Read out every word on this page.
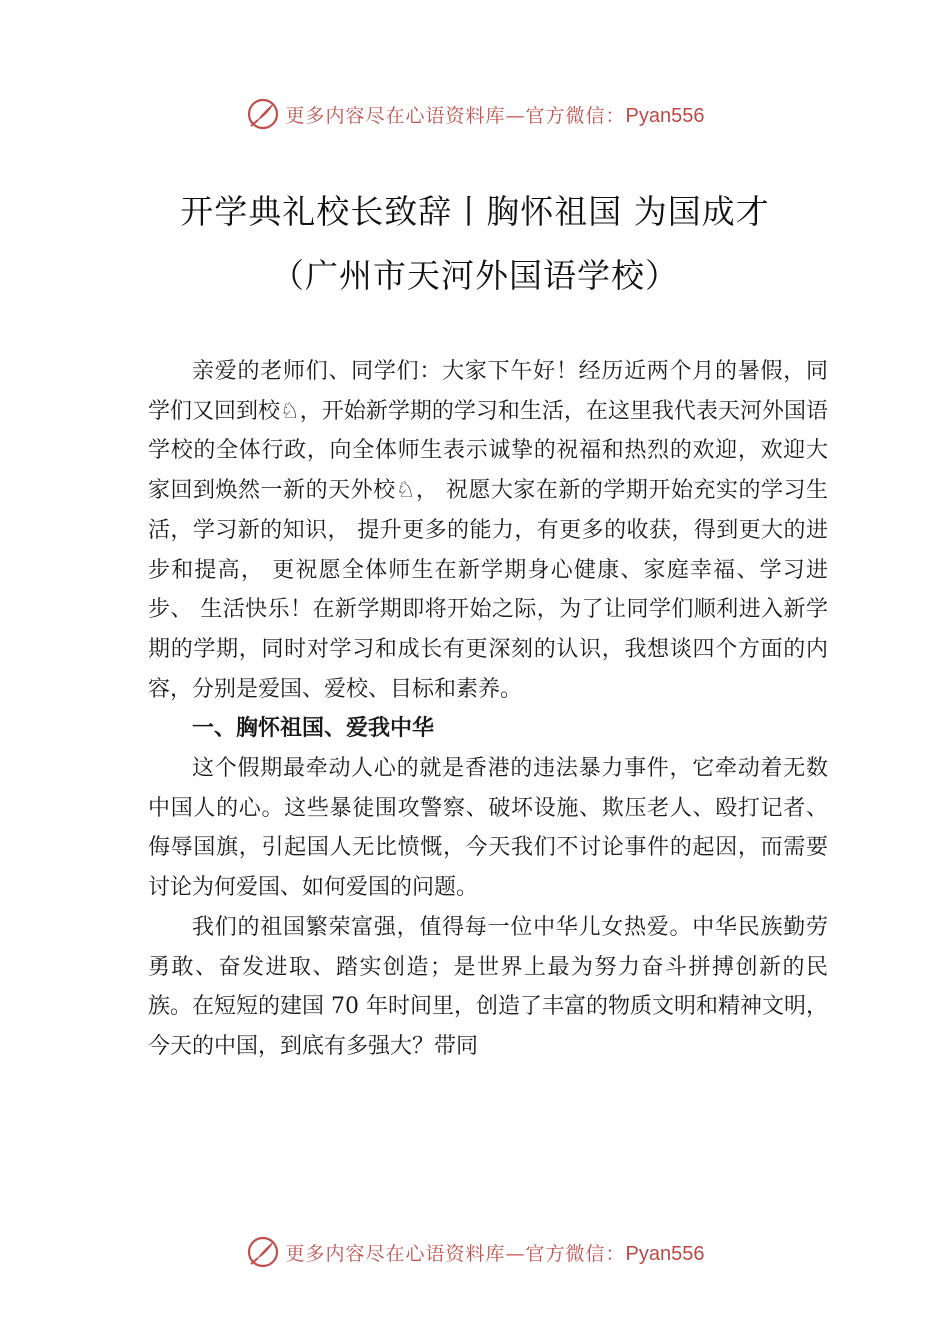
更多内容尽在心语资料库—官方微信：Pyan556
开学典礼校长致辞丨胸怀祖国 为国成才
（广州市天河外国语学校）

亲爱的老师们、同学们：大家下午好！经历近两个月的暑假，同学们又回到校♘，开始新学期的学习和生活，在这里我代表天河外国语学校的全体行政，向全体师生表示诚挚的祝福和热烈的欢迎，欢迎大家回到焕然一新的天外校♘， 祝愿大家在新的学期开始充实的学习生活，学习新的知识， 提升更多的能力，有更多的收获，得到更大的进步和提高， 更祝愿全体师生在新学期身心健康、家庭幸福、学习进步、 生活快乐！在新学期即将开始之际，为了让同学们顺利进入新学期的学期，同时对学习和成长有更深刻的认识，我想谈四个方面的内容，分别是爱国、爱校、目标和素养。

一、胸怀祖国、爱我中华

这个假期最牵动人心的就是香港的违法暴力事件，它牵动着无数中国人的心。这些暴徒围攻警察、破坏设施、欺压老人、殴打记者、侮辱国旗，引起国人无比愤慨，今天我们不讨论事件的起因，而需要讨论为何爱国、如何爱国的问题。

我们的祖国繁荣富强，值得每一位中华儿女热爱。中华民族勤劳勇敢、奋发进取、踏实创造；是世界上最为努力奋斗拼搏创新的民族。在短短的建国 70 年时间里，创造了丰富的物质文明和精神文明，今天的中国，到底有多强大？带同

更多内容尽在心语资料库—官方微信：Pyan556
